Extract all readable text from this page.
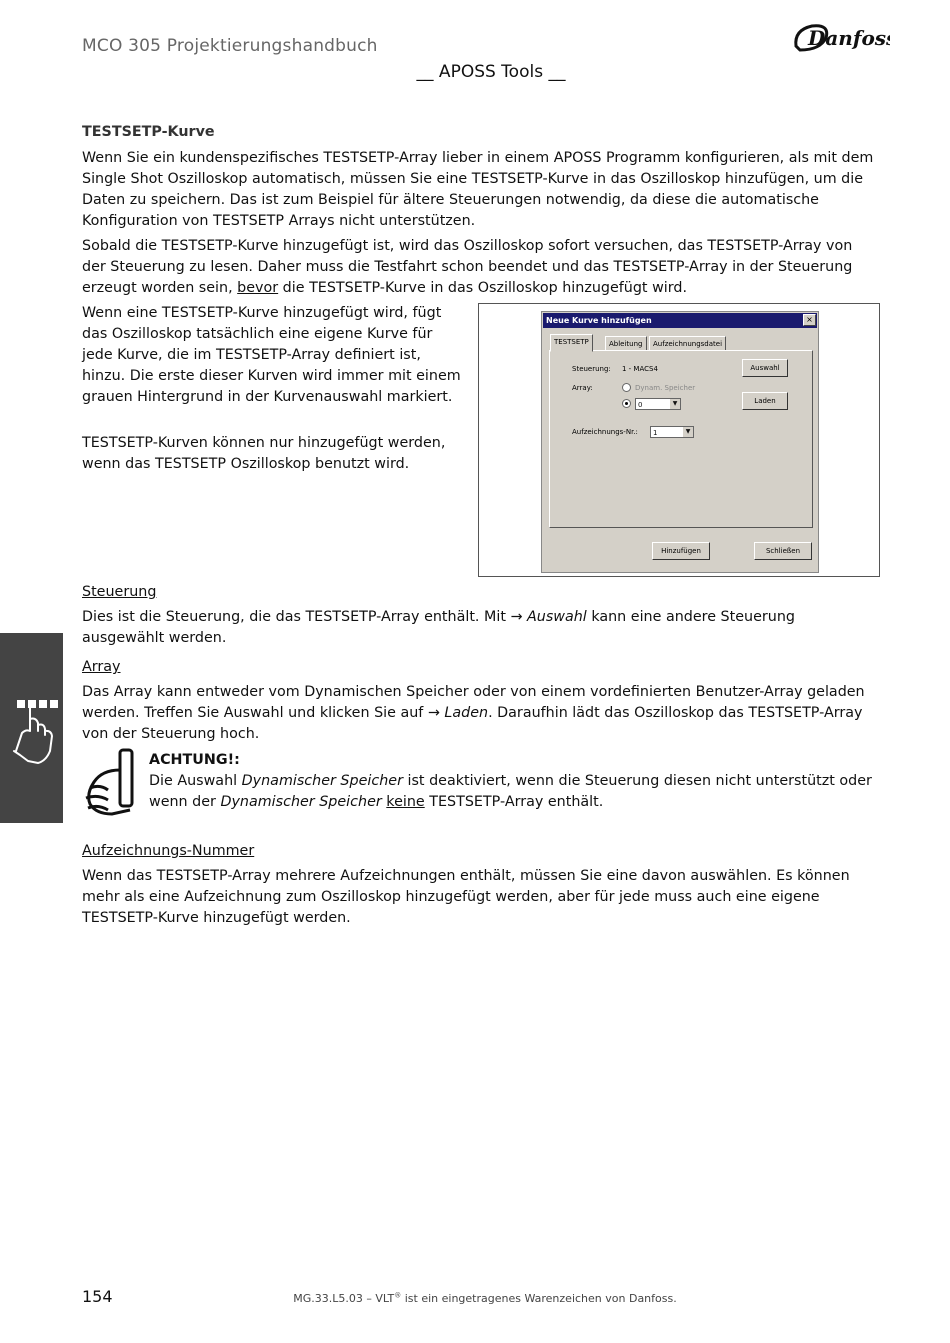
MCO 305 Projektierungshandbuch	Danfoss
__ APOSS Tools __
TESTSETP-Kurve
Wenn Sie ein kundenspezifisches TESTSETP-Array lieber in einem APOSS Programm konfigurieren, als mit dem Single Shot Oszilloskop automatisch, müssen Sie eine TESTSETP-Kurve in das Oszilloskop hinzufügen, um die Daten zu speichern. Das ist zum Beispiel für ältere Steuerungen notwendig, da diese die automatische Konfiguration von TESTSETP Arrays nicht unterstützen.
Sobald die TESTSETP-Kurve hinzugefügt ist, wird das Oszilloskop sofort versuchen, das TESTSETP-Array von der Steuerung zu lesen. Daher muss die Testfahrt schon beendet und das TESTSETP-Array in der Steuerung erzeugt worden sein, bevor die TESTSETP-Kurve in das Oszilloskop hinzugefügt wird.
Wenn eine TESTSETP-Kurve hinzugefügt wird, fügt das Oszilloskop tatsächlich eine eigene Kurve für jede Kurve, die im TESTSETP-Array definiert ist, hinzu. Die erste dieser Kurven wird immer mit einem grauen Hintergrund in der Kurvenauswahl markiert.
TESTSETP-Kurven können nur hinzugefügt werden, wenn das TESTSETP Oszilloskop benutzt wird.
Neue Kurve hinzufügen	×
TESTSETP	Ableitung	Aufzeichnungsdatei
Steuerung: 1 - MACS4	Auswahl
Array:	Dynam. Speicher
0	▼	Laden
Aufzeichnungs-Nr.:	1	▼
Hinzufügen	Schließen
Steuerung
Dies ist die Steuerung, die das TESTSETP-Array enthält. Mit → Auswahl kann eine andere Steuerung ausgewählt werden.
Array
Das Array kann entweder vom Dynamischen Speicher oder von einem vordefinierten Benutzer-Array geladen werden. Treffen Sie Auswahl und klicken Sie auf → Laden. Daraufhin lädt das Oszilloskop das TESTSETP-Array von der Steuerung hoch.
ACHTUNG!:
Die Auswahl Dynamischer Speicher ist deaktiviert, wenn die Steuerung diesen nicht unterstützt oder wenn der Dynamischer Speicher keine TESTSETP-Array enthält.
Aufzeichnungs-Nummer
Wenn das TESTSETP-Array mehrere Aufzeichnungen enthält, müssen Sie eine davon auswählen. Es können mehr als eine Aufzeichnung zum Oszilloskop hinzugefügt werden, aber für jede muss auch eine eigene TESTSETP-Kurve hinzugefügt werden.
154	MG.33.L5.03 – VLT® ist ein eingetragenes Warenzeichen von Danfoss.
